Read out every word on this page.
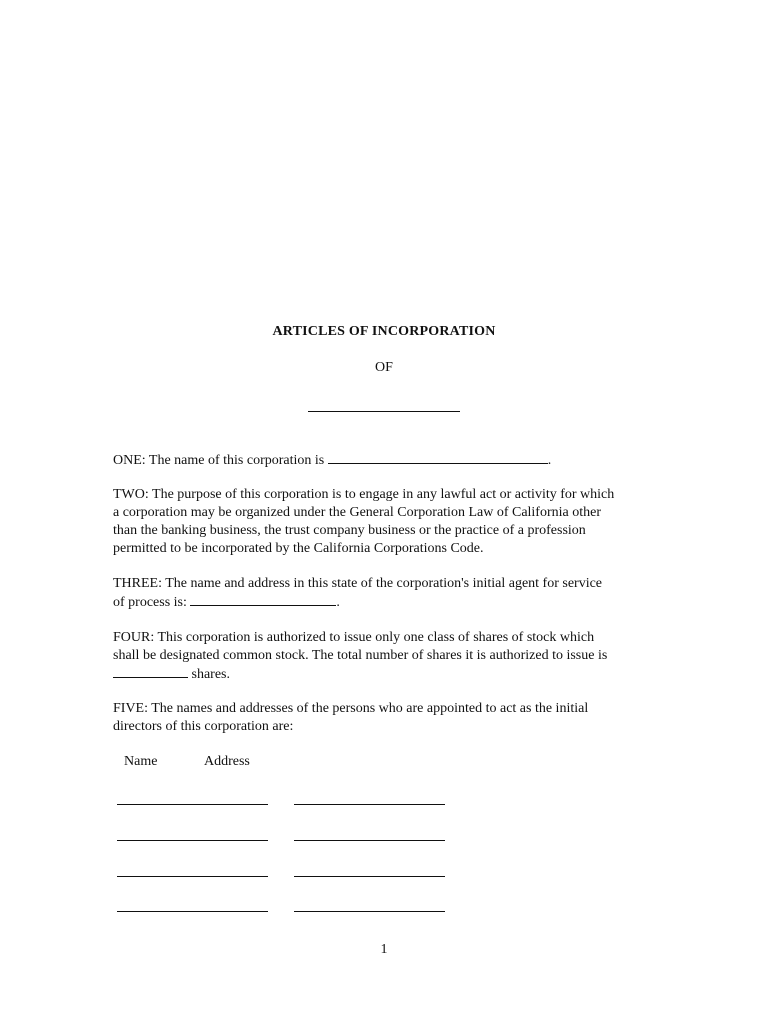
ARTICLES OF INCORPORATION
OF
ONE: The name of this corporation is	.
TWO: The purpose of this corporation is to engage in any lawful act or activity for which
a corporation may be organized under the General Corporation Law of California other
than the banking business, the trust company business or the practice of a profession
permitted to be incorporated by the California Corporations Code.
THREE: The name and address in this state of the corporation's initial agent for service
of process is:	.
FOUR: This corporation is authorized to issue only one class of shares of stock which
shall be designated common stock. The total number of shares it is authorized to issue is
shares.
FIVE: The names and addresses of the persons who are appointed to act as the initial
directors of this corporation are:
Name	Address
1
